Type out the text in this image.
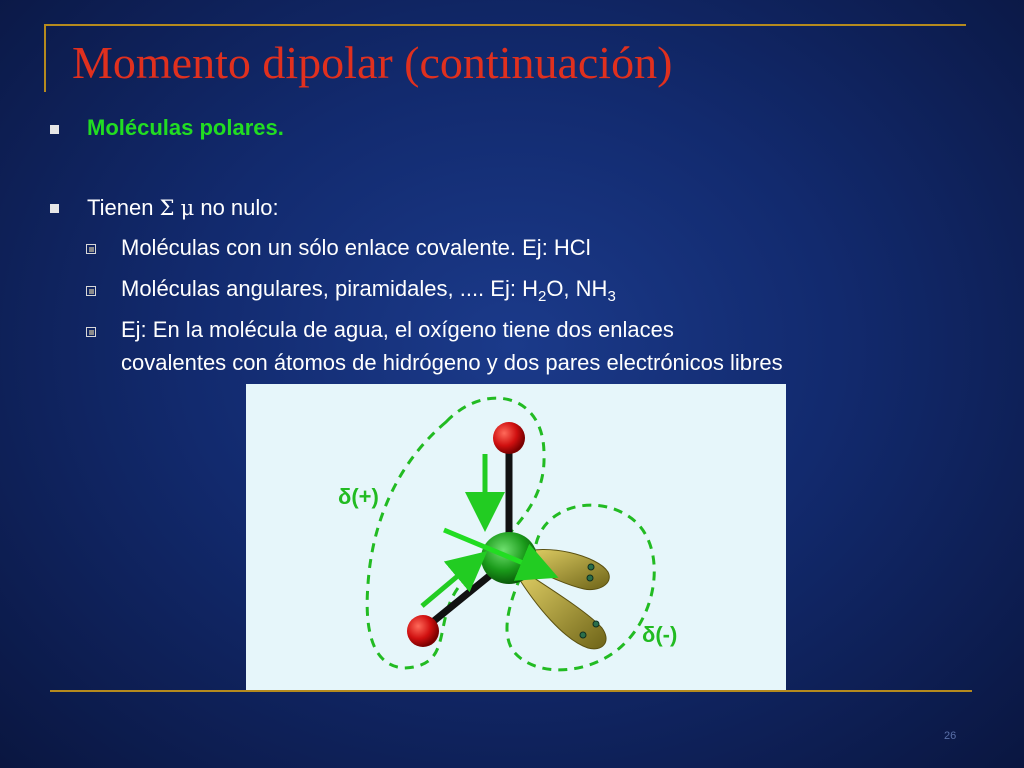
Momento dipolar (continuación)
Moléculas polares.
Tienen Σ μ no nulo:
Moléculas con un sólo enlace covalente. Ej: HCl
Moléculas angulares, piramidales, .... Ej: $H_2O$, $NH_3$
Ej: En la molécula de agua, el oxígeno tiene dos enlaces
covalentes con átomos de hidrógeno y dos pares electrónicos libres
δ(+)
δ(-)
26
